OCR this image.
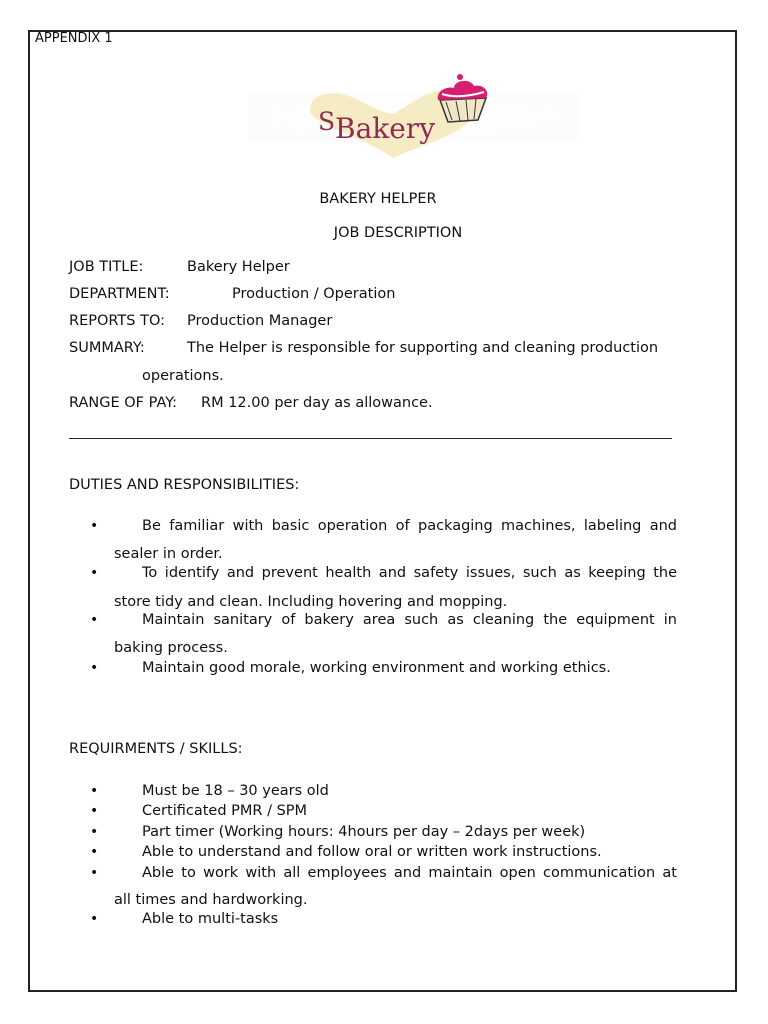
APPENDIX 1
S Bakery
BAKERY HELPER
JOB DESCRIPTION
JOB TITLE:	Bakery Helper
DEPARTMENT:	Production / Operation
REPORTS TO: Production Manager
SUMMARY:	The Helper is responsible for supporting and cleaning production
operations.
RANGE OF PAY: RM 12.00 per day as allowance.
DUTIES AND RESPONSIBILITIES:
•	Be familiar with basic operation of packaging machines, labeling and
sealer in order.
•	To identify and prevent health and safety issues, such as keeping the
store tidy and clean. Including hovering and mopping.
•	Maintain sanitary of bakery area such as cleaning the equipment in
baking process.
•	Maintain good morale, working environment and working ethics.
REQUIRMENTS / SKILLS:
•	Must be 18 – 30 years old
•	Certificated PMR / SPM
•	Part timer (Working hours: 4hours per day – 2days per week)
•	Able to understand and follow oral or written work instructions.
•	Able to work with all employees and maintain open communication at
all times and hardworking.
•	Able to multi-tasks
